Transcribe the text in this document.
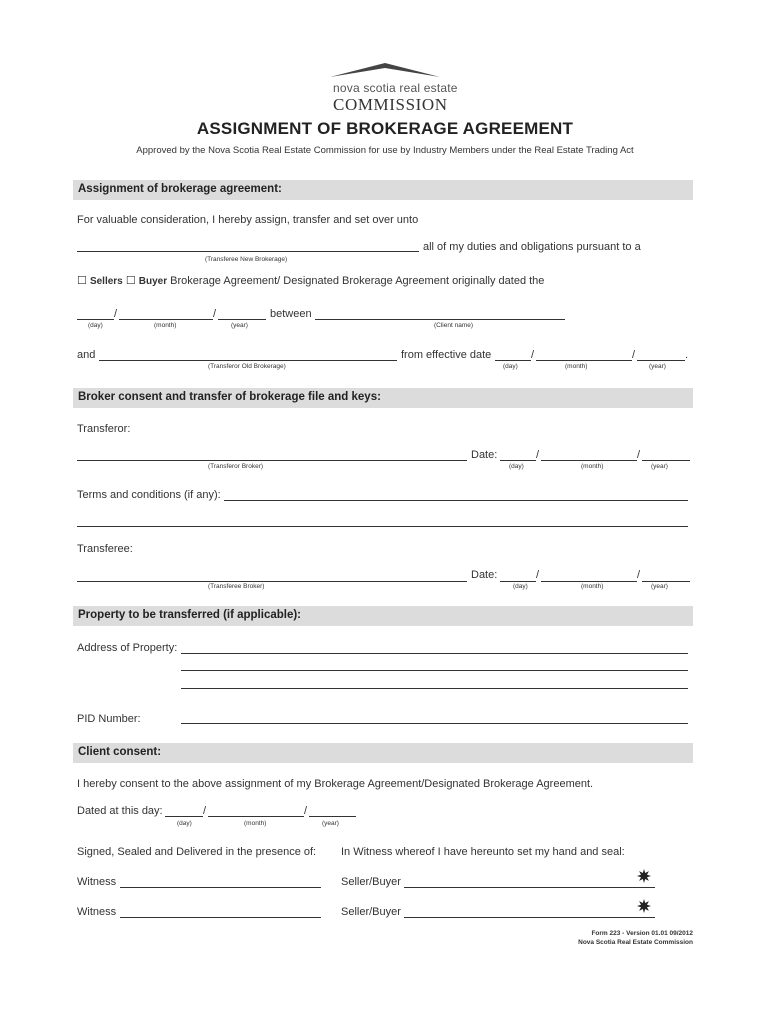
nova scotia real estate
COMMISSION
ASSIGNMENT OF BROKERAGE AGREEMENT
Approved by the Nova Scotia Real Estate Commission for use by Industry Members under the Real Estate Trading Act
Assignment of brokerage agreement:
For valuable consideration, I hereby assign, transfer and set over unto
all of my duties and obligations pursuant to a
(Transferee New Brokerage)
☐ Sellers ☐ Buyer Brokerage Agreement/ Designated Brokerage Agreement originally dated the
/	/	between
(day)	(month)	(year)	(Client name)
and	from effective date	/	/	.
(Transferor Old Brokerage)	(day)	(month)	(year)
Broker consent and transfer of brokerage file and keys:
Transferor:
Date:	/	/
(Transferor Broker)	(day)	(month)	(year)
Terms and conditions (if any):
Transferee:
Date:	/	/
(Transferee Broker)	(day)	(month)	(year)
Property to be transferred (if applicable):
Address of Property:
PID Number:
Client consent:
I hereby consent to the above assignment of my Brokerage Agreement/Designated Brokerage Agreement.
Dated at this day:	/	/
(day)	(month)	(year)
Signed, Sealed and Delivered in the presence of: In Witness whereof I have hereunto set my hand and seal:
Witness	Seller/Buyer
Witness	Seller/Buyer
Form 223 - Version 01.01 09/2012
Nova Scotia Real Estate Commission
